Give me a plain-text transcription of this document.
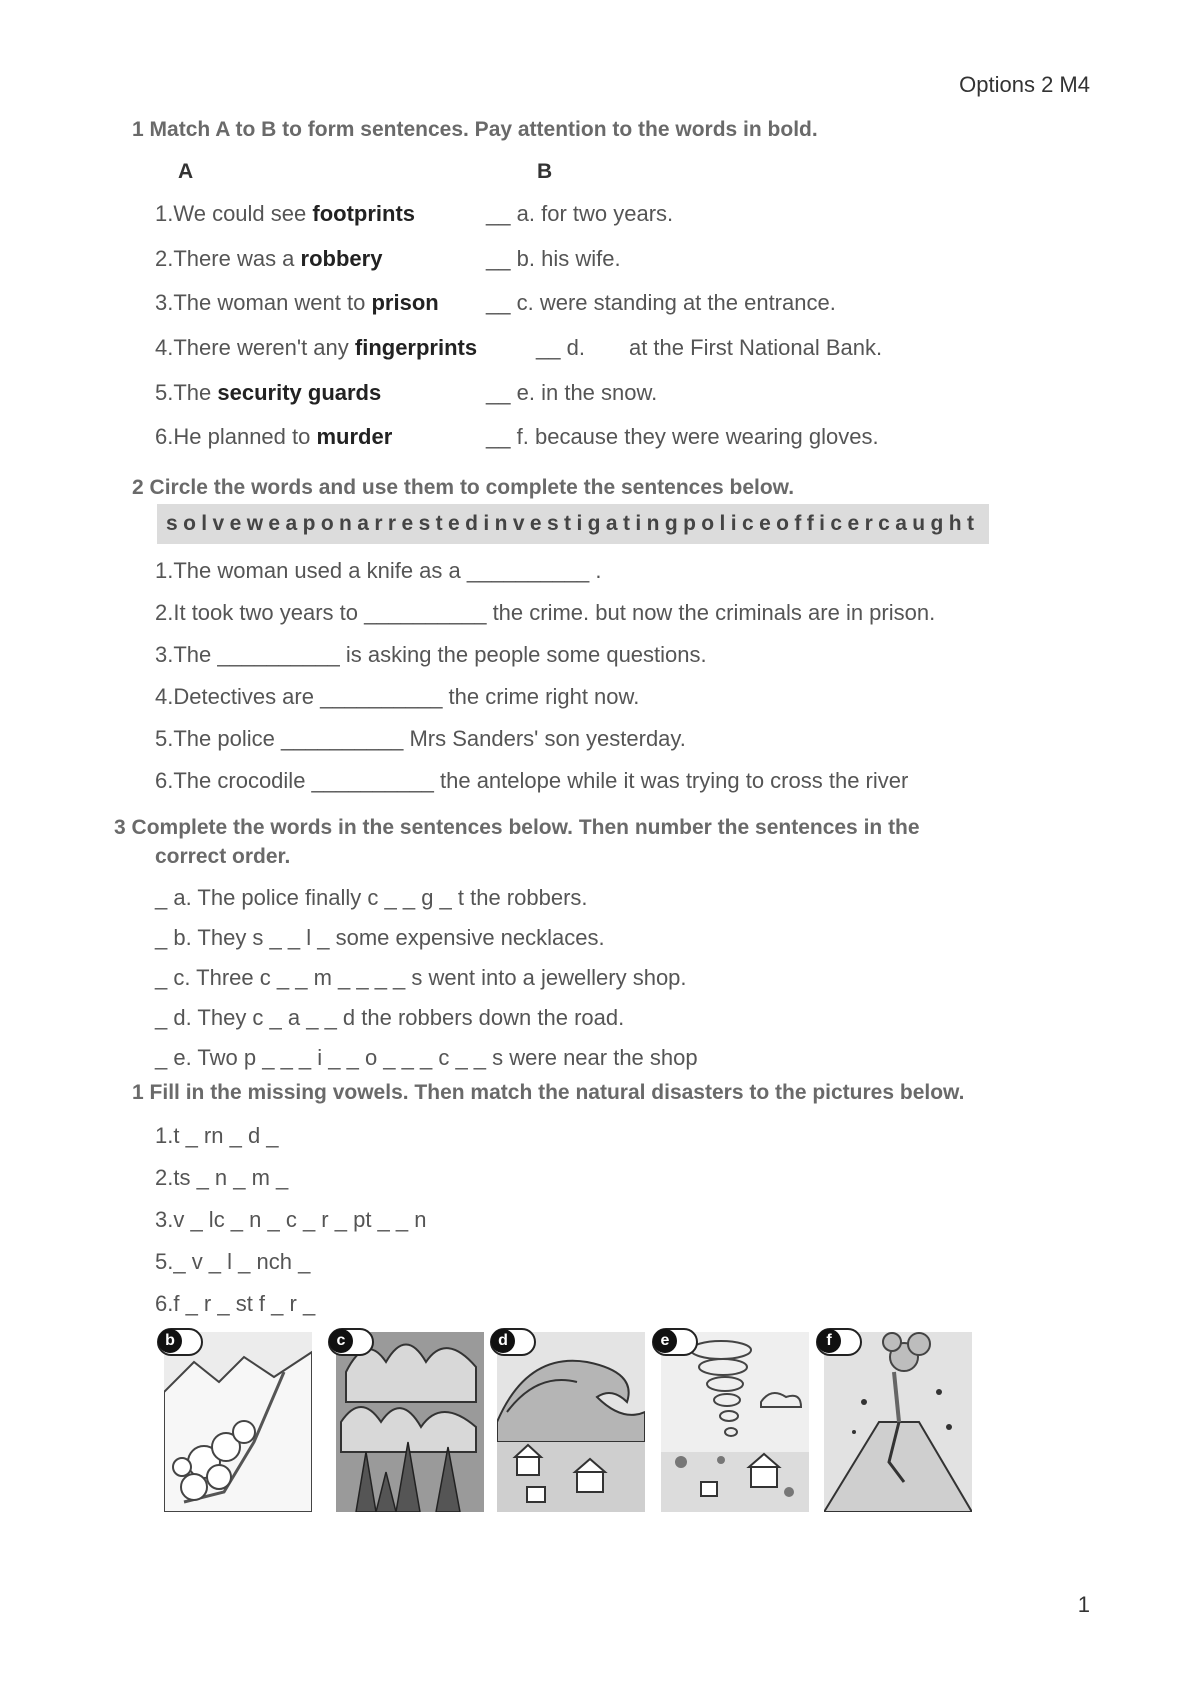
Options 2 M4
1 Match A to B to form sentences. Pay attention to the words in bold.
A	B
1.We could see footprints	__ a. for two years.
2.There was a robbery	__ b. his wife.
3.The woman went to prison __ c. were standing at the entrance.
4.There weren't any fingerprints	__ d. at the First National Bank.
5.The security guards	__ e. in the snow.
6.He planned to murder	__ f. because they were wearing gloves.
2 Circle the words and use them to complete the sentences below.
solveweaponarrestedinvestigatingpoliceofficercaught
1.The woman used a knife as a __________ .
2.It took two years to __________ the crime. but now the criminals are in prison.
3.The __________ is asking the people some questions.
4.Detectives are __________ the crime right now.
5.The police __________ Mrs Sanders' son yesterday.
6.The crocodile __________ the antelope while it was trying to cross the river
3 Complete the words in the sentences below. Then number the sentences in the
correct order.
_ a. The police finally c _ _ g _ t the robbers.
_ b. They s _ _ l _ some expensive necklaces.
_ c. Three c _ _ m _ _ _ _ s went into a jewellery shop.
_ d. They c _ a _ _ d the robbers down the road.
_ e. Two p _ _ _ i _ _ o _ _ _ c _ _ s were near the shop
1 Fill in the missing vowels. Then match the natural disasters to the pictures below.
1.t _ rn _ d _
2.ts _ n _ m _
3.v _ lc _ n _ c _ r _ pt _ _ n
5._ v _ l _ nch _
6.f _ r _ st f _ r _
b	c	d	e	f
1
